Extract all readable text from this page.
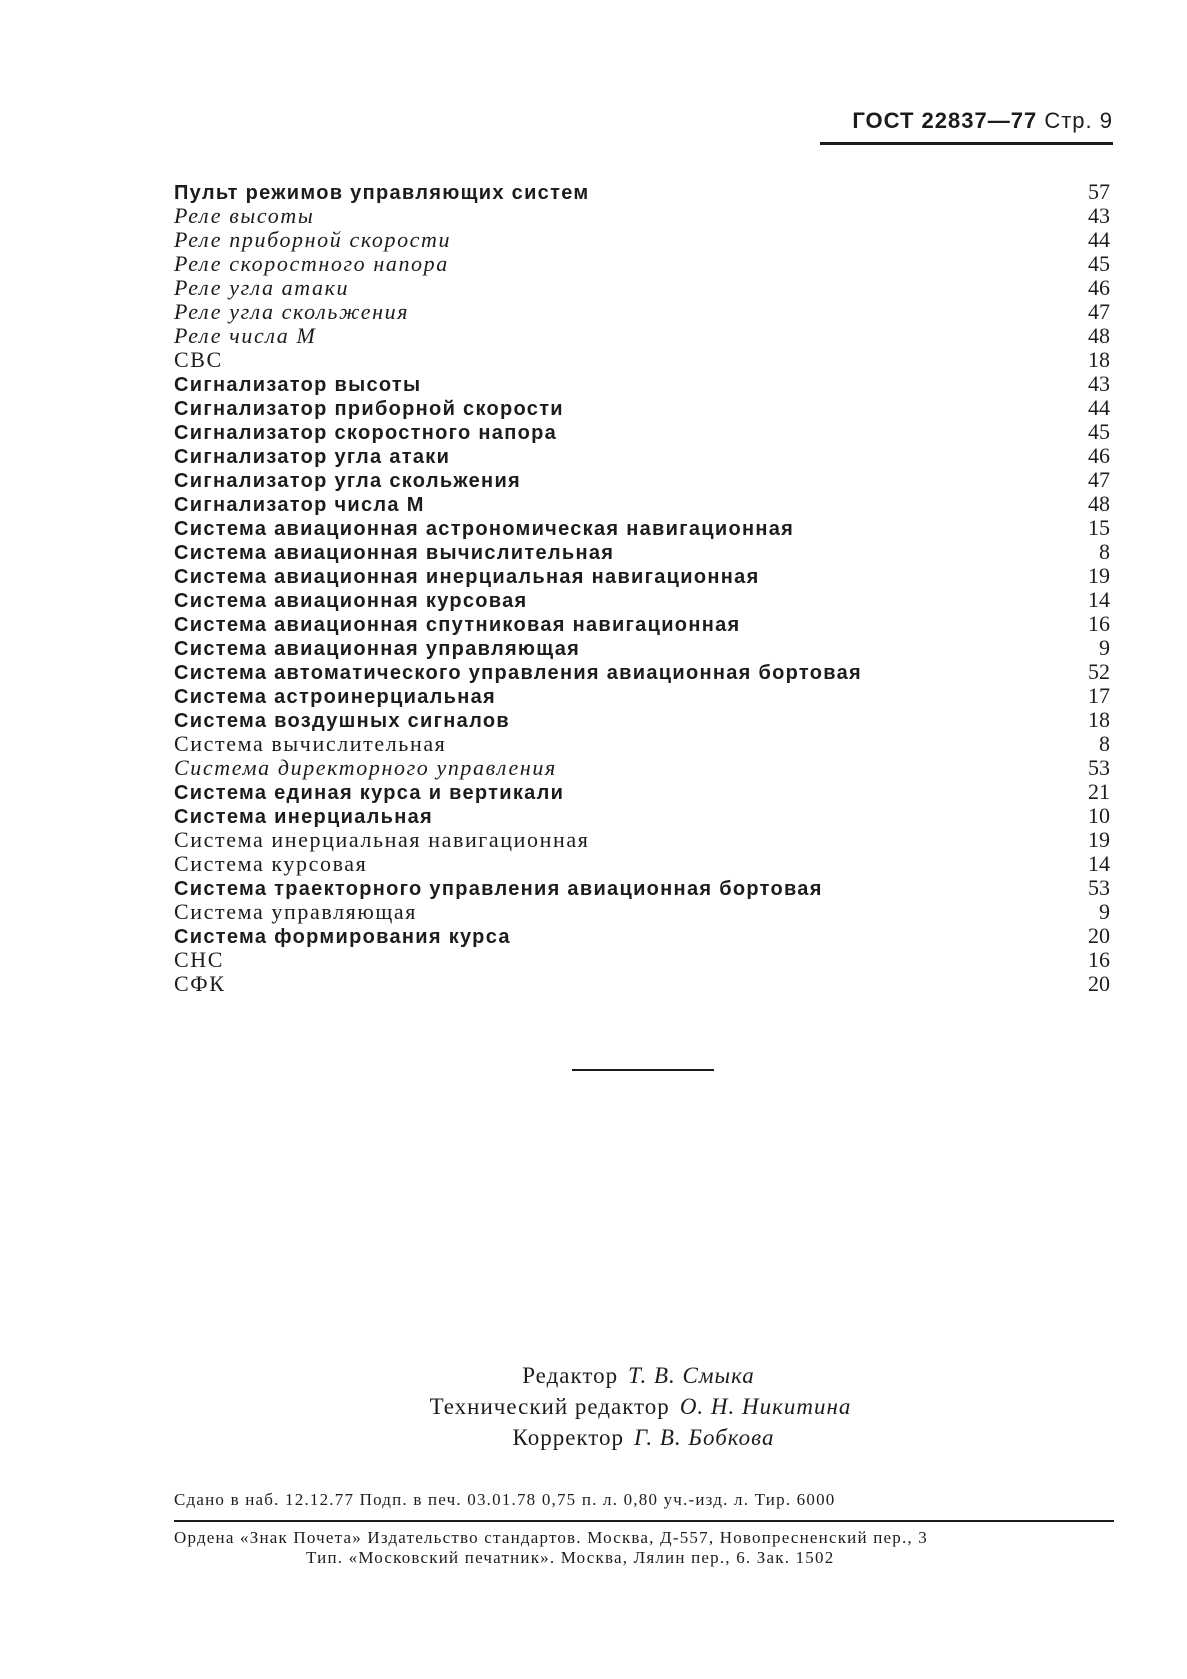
ГОСТ 22837—77 Стр. 9
Пульт режимов управляющих систем	57
Реле высоты	43
Реле приборной скорости	44
Реле скоростного напора	45
Реле угла атаки	46
Реле угла скольжения	47
Реле числа М	48
СВС	18
Сигнализатор высоты	43
Сигнализатор приборной скорости	44
Сигнализатор скоростного напора	45
Сигнализатор угла атаки	46
Сигнализатор угла скольжения	47
Сигнализатор числа М	48
Система авиационная астрономическая навигационная	15
Система авиационная вычислительная	8
Система авиационная инерциальная навигационная	19
Система авиационная курсовая	14
Система авиационная спутниковая навигационная	16
Система авиационная управляющая	9
Система автоматического управления авиационная бортовая	52
Система астроинерциальная	17
Система воздушных сигналов	18
Система вычислительная	8
Система директорного управления	53
Система единая курса и вертикали	21
Система инерциальная	10
Система инерциальная навигационная	19
Система курсовая	14
Система траекторного управления авиационная бортовая	53
Система управляющая	9
Система формирования курса	20
СНС	16
СФК	20
Редактор Т. В. Смыка
Технический редактор О. Н. Никитина
Корректор Г. В. Бобкова
Сдано в наб. 12.12.77 Подп. в печ. 03.01.78 0,75 п. л. 0,80 уч.-изд. л. Тир. 6000
Ордена «Знак Почета» Издательство стандартов. Москва, Д-557, Новопресненский пер., 3
Тип. «Московский печатник». Москва, Лялин пер., 6. Зак. 1502
